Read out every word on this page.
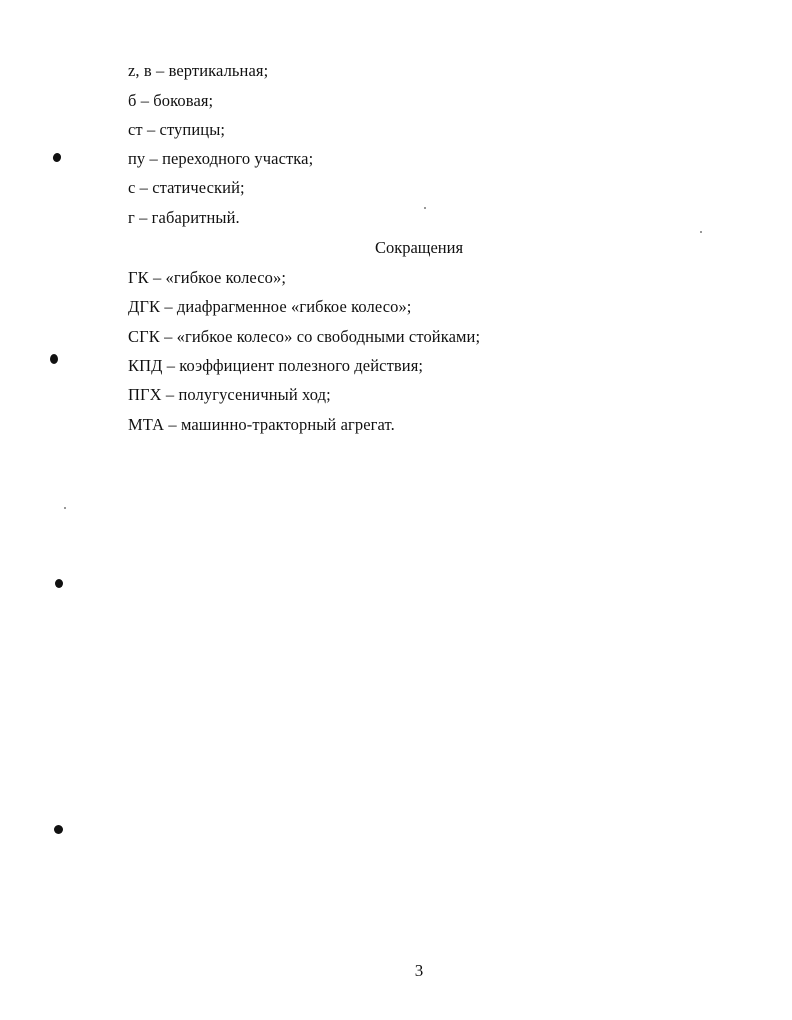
z, в – вертикальная;
б – боковая;
ст – ступицы;
пу – переходного участка;
с – статический;
г – габаритный.
Сокращения
ГК – «гибкое колесо»;
ДГК – диафрагменное «гибкое колесо»;
СГК – «гибкое колесо» со свободными стойками;
КПД – коэффициент полезного действия;
ПГХ – полугусеничный ход;
МТА – машинно-тракторный агрегат.
3
